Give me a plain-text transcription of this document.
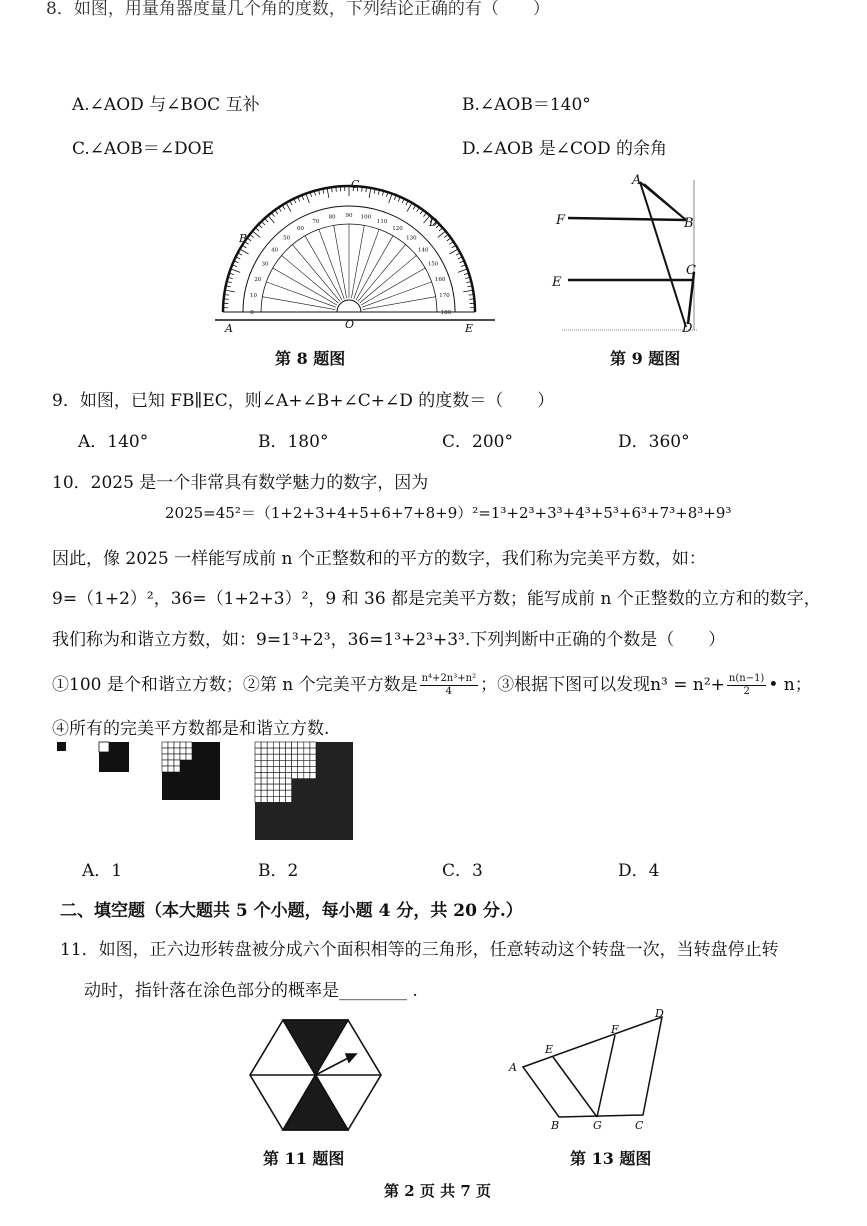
8．如图，用量角器度量几个角的度数，下列结论正确的有（　　）
A.∠AOD 与∠BOC 互补	B.∠AOB＝140°
C.∠AOB＝∠DOE	D.∠AOB 是∠COD 的余角
180
170
160
150
140
130
120
110
100
90
80
70
60
50
40
30
20
10
0
A
B
C
D
E
O
第 8 题图
A
B
C
D
E
F
第 9 题图
9．如图，已知 FB∥EC，则∠A+∠B+∠C+∠D 的度数＝（　　）
A．140°	B．180°	C．200°	D．360°
10．2025 是一个非常具有数学魅力的数字，因为
2025=45²＝（1+2+3+4+5+6+7+8+9）²=1³+2³+3³+4³+5³+6³+7³+8³+9³
因此，像 2025 一样能写成前 n 个正整数和的平方的数字，我们称为完美平方数，如：
9=（1+2）²，36=（1+2+3）²，9 和 36 都是完美平方数；能写成前 n 个正整数的立方和的数字，
我们称为和谐立方数，如：9=1³+2³，36=1³+2³+3³.下列判断中正确的个数是（　　）
①100 是个和谐立方数；②第 n 个完美平方数是 $\frac{\text{n⁴+2n³+n²}}{4}$ ；③根据下图可以发现$n^3 = n^2+ \frac{n(n-1)}{2}$ • n；
④所有的完美平方数都是和谐立方数.
A．1	B．2	C．3	D．4
二、填空题（本大题共 5 个小题，每小题 4 分，共 20 分.）
11．如图，正六边形转盘被分成六个面积相等的三角形，任意转动这个转盘一次，当转盘停止转
动时，指针落在涂色部分的概率是________ .
第 11 题图
A
B	C
D
E
F
G
第 13 题图
第 2 页 共 7 页
